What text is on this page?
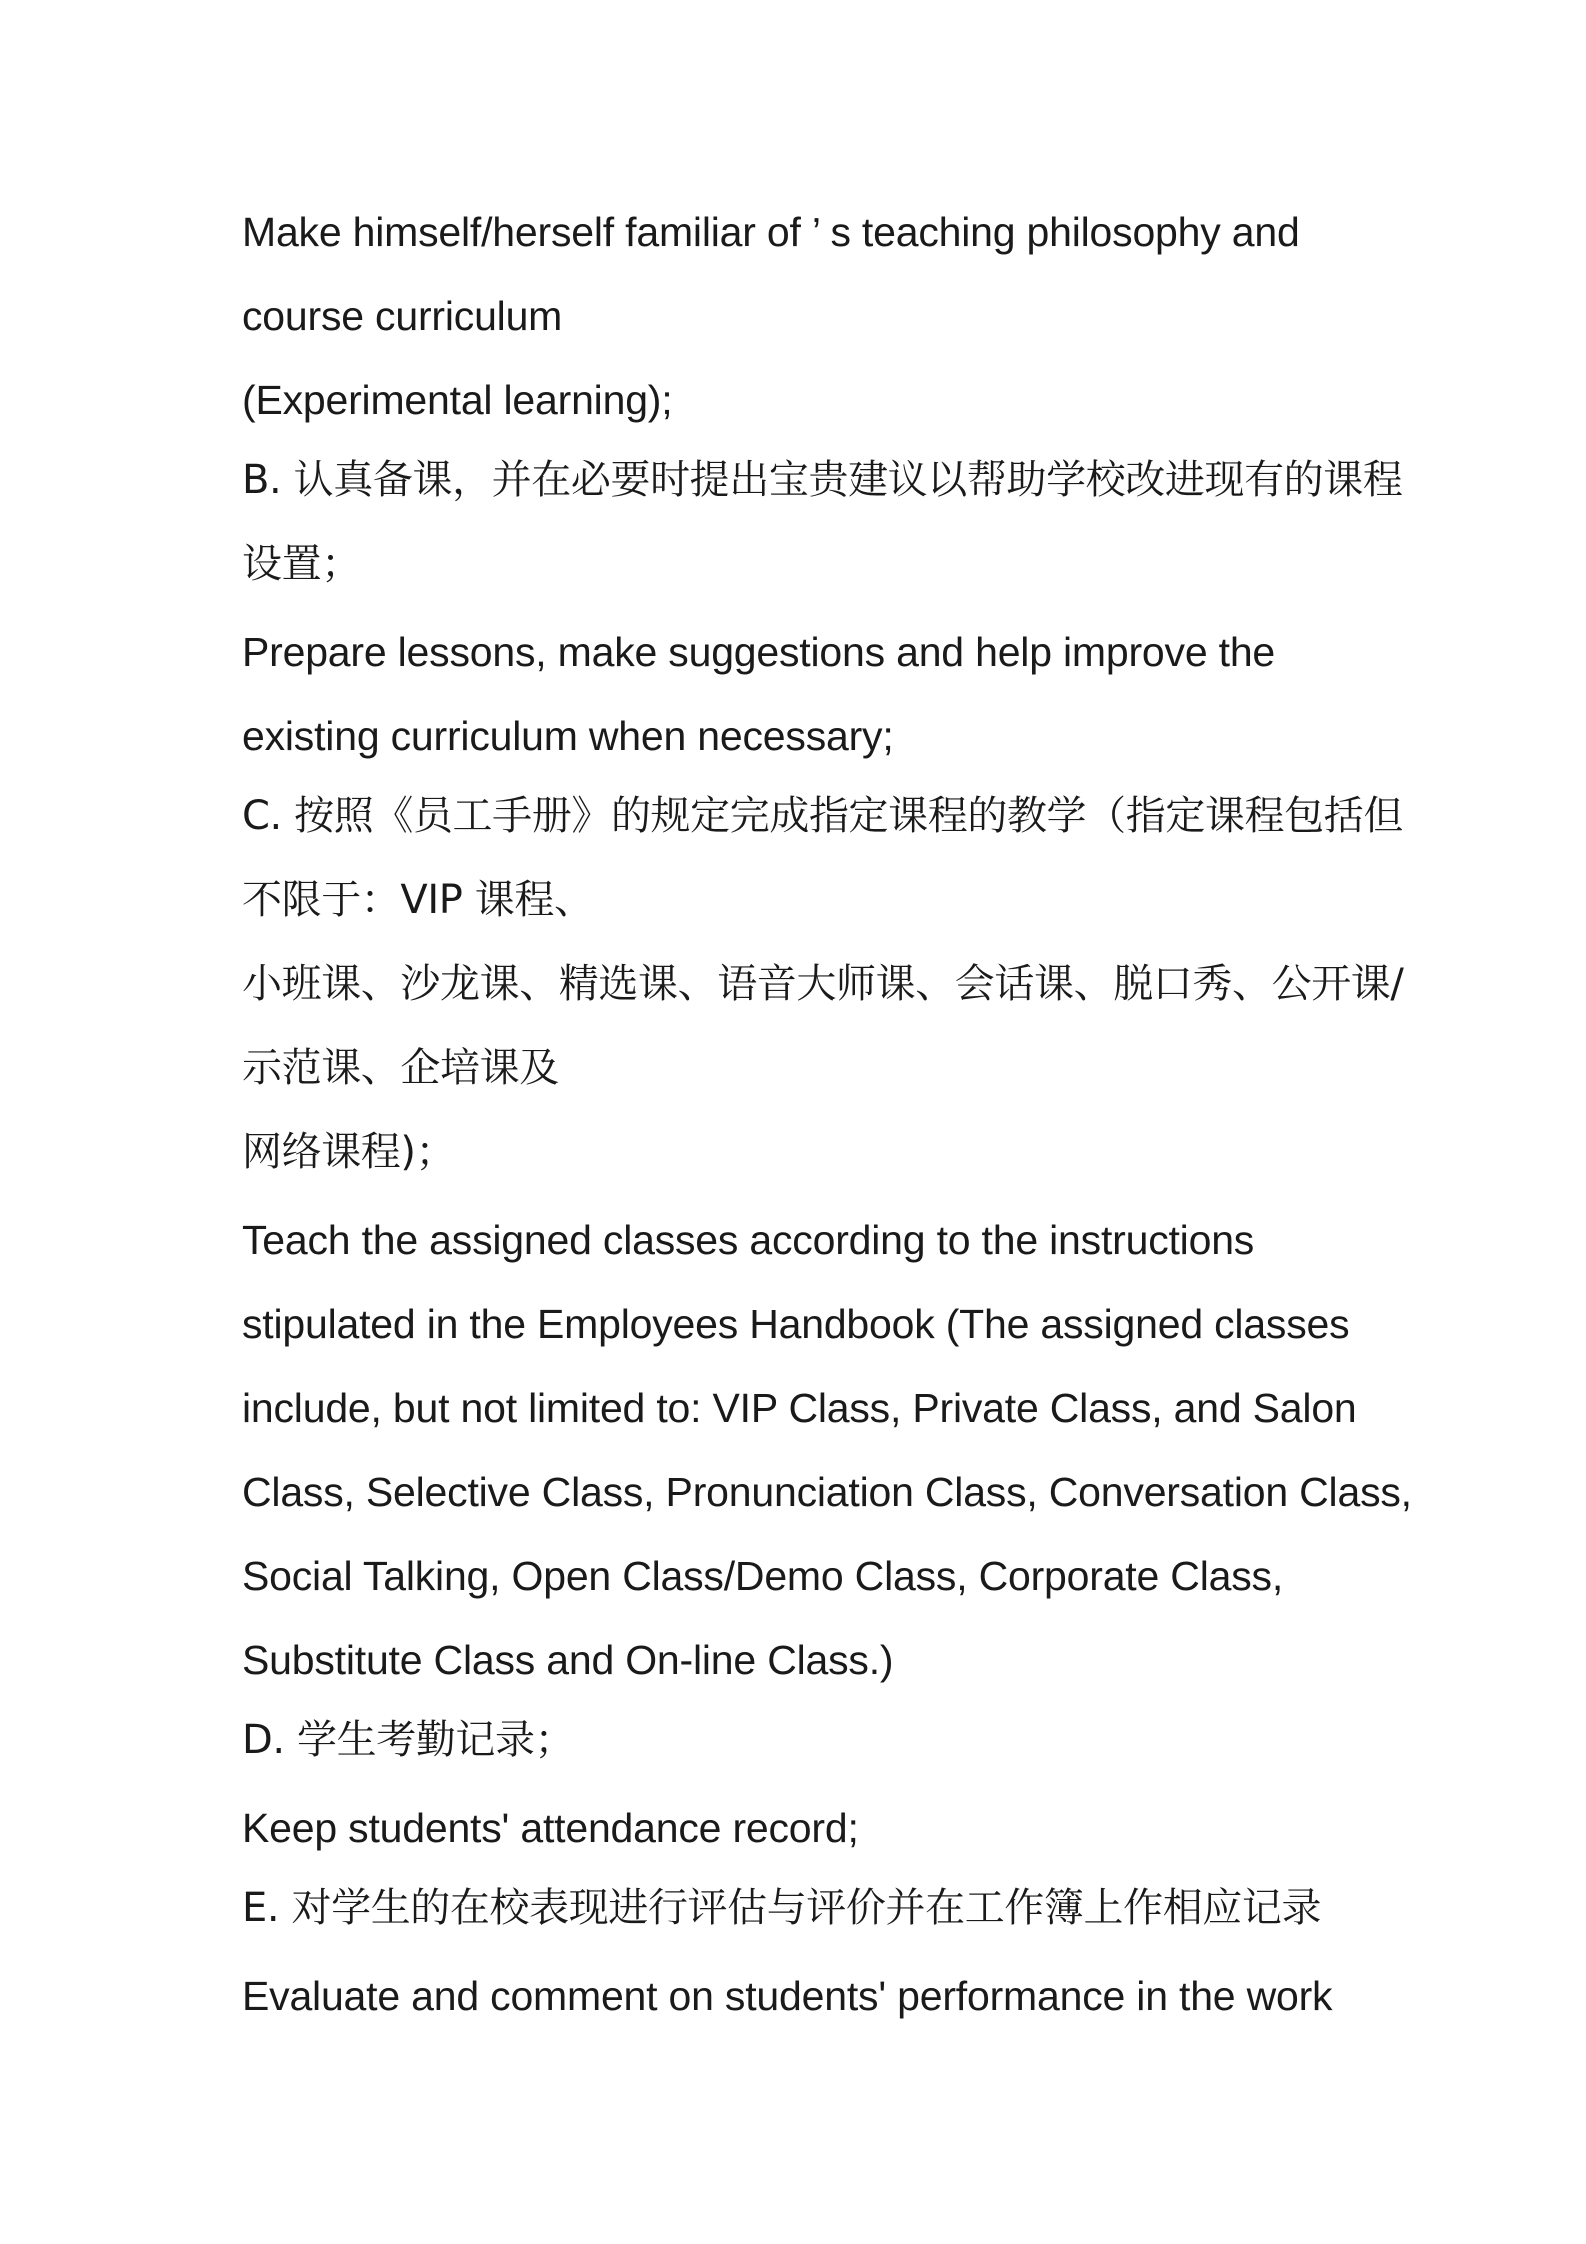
Make himself/herself familiar of ’ s teaching philosophy and
course curriculum
(Experimental learning);
B. 认真备课，并在必要时提出宝贵建议以帮助学校改进现有的课程
设置；
Prepare lessons, make suggestions and help improve the
existing curriculum when necessary;
C. 按照《员工手册》的规定完成指定课程的教学（指定课程包括但
不限于：VIP 课程、
小班课、沙龙课、精选课、语音大师课、会话课、脱口秀、公开课/
示范课、企培课及
网络课程)；
Teach the assigned classes according to the instructions
stipulated in the Employees Handbook (The assigned classes
include, but not limited to: VIP Class, Private Class, and Salon
Class, Selective Class, Pronunciation Class, Conversation Class,
Social Talking, Open Class/Demo Class, Corporate Class,
Substitute Class and On-line Class.)
D. 学生考勤记录；
Keep students' attendance record;
E. 对学生的在校表现进行评估与评价并在工作簿上作相应记录
Evaluate and comment on students' performance in the work
